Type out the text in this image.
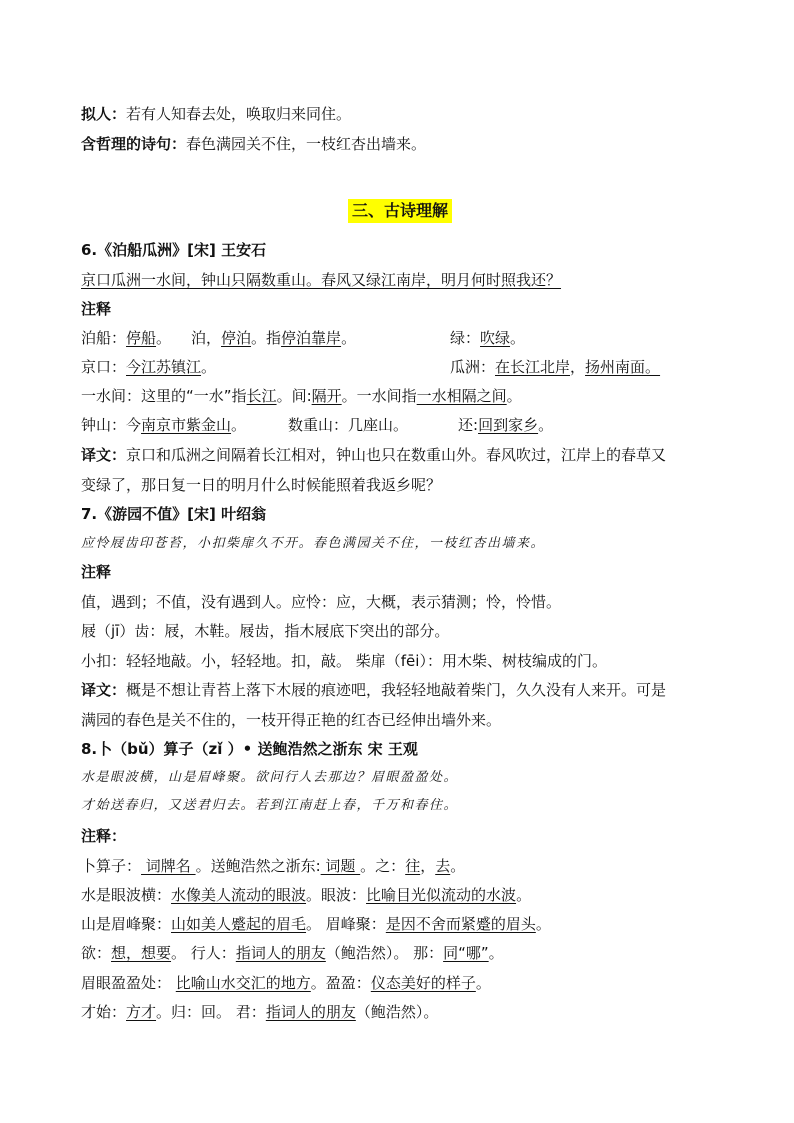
拟人：若有人知春去处，唤取归来同住。
含哲理的诗句：春色满园关不住，一枝红杏出墙来。
三、古诗理解
6.《泊船瓜洲》[宋] 王安石
京口瓜洲一水间，钟山只隔数重山。春风又绿江南岸，明月何时照我还？
注释
泊船：停船。 泊，停泊。指停泊靠岸。	绿：吹绿。
京口：今江苏镇江。	瓜洲：在长江北岸，扬州南面。
一水间：这里的“一水”指长江。间:隔开。一水间指一水相隔之间。
钟山：今南京市紫金山。	数重山：几座山。	还:回到家乡。
译文：京口和瓜洲之间隔着长江相对，钟山也只在数重山外。春风吹过，江岸上的春草又
变绿了，那日复一日的明月什么时候能照着我返乡呢？
7.《游园不值》[宋] 叶绍翁
应怜屐齿印苍苔，小扣柴扉久不开。春色满园关不住，一枝红杏出墙来。
注释
值，遇到；不值，没有遇到人。应怜：应，大概，表示猜测；怜，怜惜。
屐（jī）齿：屐，木鞋。屐齿，指木屐底下突出的部分。
小扣：轻轻地敲。小，轻轻地。扣，敲。 柴扉（fēi）：用木柴、树枝编成的门。
译文：概是不想让青苔上落下木屐的痕迹吧，我轻轻地敲着柴门，久久没有人来开。可是
满园的春色是关不住的，一枝开得正艳的红杏已经伸出墙外来。
8.卜（bǔ）算子（zǐ ）• 送鲍浩然之浙东 宋 王观
水是眼波横，山是眉峰聚。欲问行人去那边？眉眼盈盈处。
才始送春归，又送君归去。若到江南赶上春，千万和春住。
注释：
卜算子： 词牌名 。送鲍浩然之浙东: 词题 。之：往，去。
水是眼波横：水像美人流动的眼波。眼波：比喻目光似流动的水波。
山是眉峰聚：山如美人蹙起的眉毛。 眉峰聚：是因不舍而紧蹙的眉头。
欲：想，想要。 行人：指词人的朋友（鲍浩然）。 那：同“哪”。
眉眼盈盈处： 比喻山水交汇的地方。盈盈：仪态美好的样子。
才始：方才。归：回。 君：指词人的朋友（鲍浩然）。
